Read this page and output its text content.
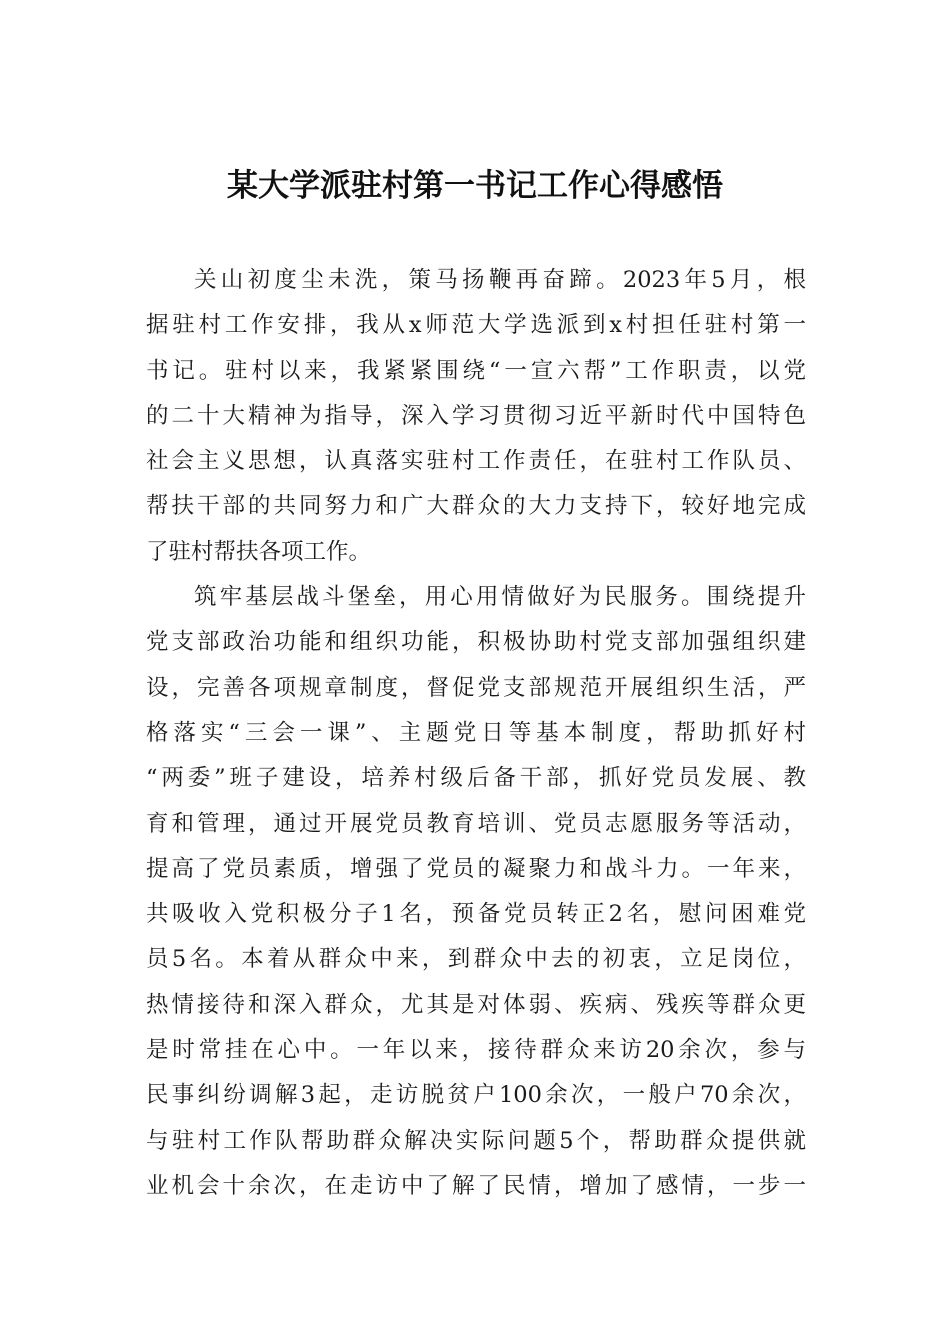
某大学派驻村第一书记工作心得感悟
关山初度尘未洗，策马扬鞭再奋蹄。2023年5月，根
据驻村工作安排，我从x师范大学选派到x村担任驻村第一
书记。驻村以来，我紧紧围绕“一宣六帮”工作职责，以党
的二十大精神为指导，深入学习贯彻习近平新时代中国特色
社会主义思想，认真落实驻村工作责任，在驻村工作队员、
帮扶干部的共同努力和广大群众的大力支持下，较好地完成
了驻村帮扶各项工作。
筑牢基层战斗堡垒，用心用情做好为民服务。围绕提升
党支部政治功能和组织功能，积极协助村党支部加强组织建
设，完善各项规章制度，督促党支部规范开展组织生活，严
格落实“三会一课”、主题党日等基本制度，帮助抓好村
“两委”班子建设，培养村级后备干部，抓好党员发展、教
育和管理，通过开展党员教育培训、党员志愿服务等活动，
提高了党员素质，增强了党员的凝聚力和战斗力。一年来，
共吸收入党积极分子1名，预备党员转正2名，慰问困难党
员5名。本着从群众中来，到群众中去的初衷，立足岗位，
热情接待和深入群众，尤其是对体弱、疾病、残疾等群众更
是时常挂在心中。一年以来，接待群众来访20余次，参与
民事纠纷调解3起，走访脱贫户100余次，一般户70余次，
与驻村工作队帮助群众解决实际问题5个，帮助群众提供就
业机会十余次，在走访中了解了民情，增加了感情，一步一
